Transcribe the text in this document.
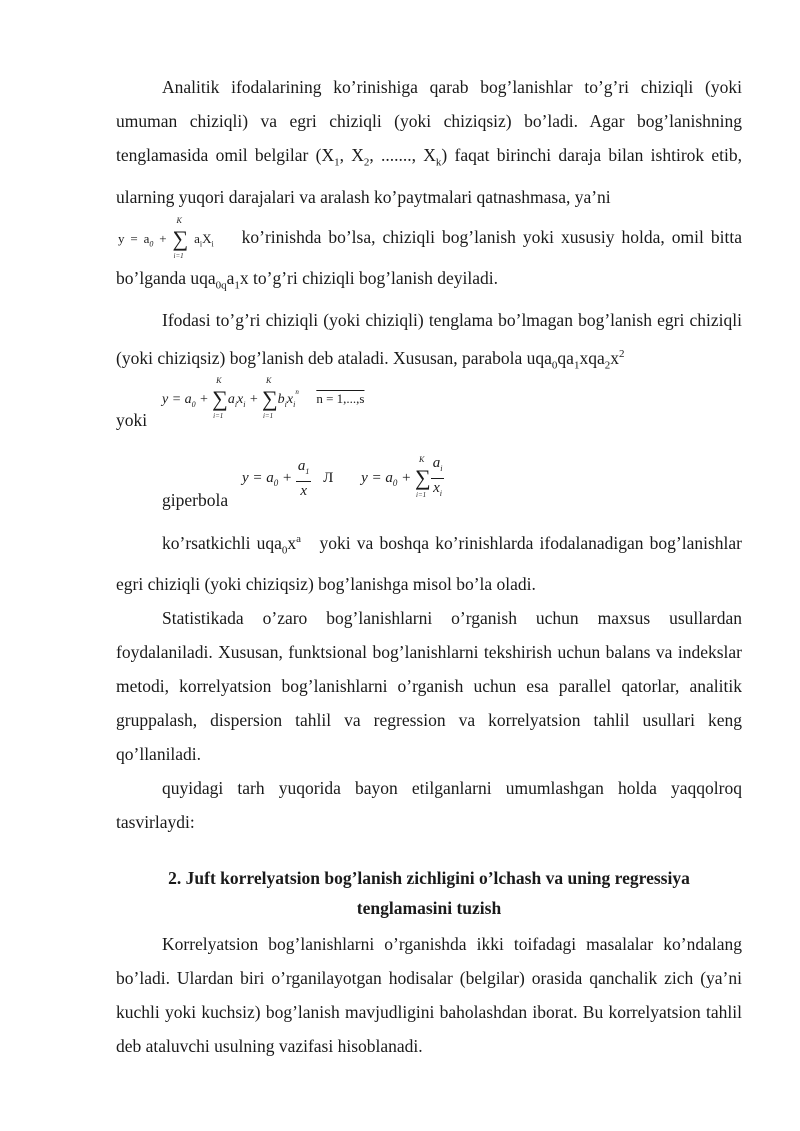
Analitik ifodalarining ko’rinishiga qarab bog’lanishlar to’g’ri chiziqli (yoki umuman chiziqli) va egri chiziqli (yoki chiziqsiz) bo’ladi. Agar bog’lanishning tenglamasida omil belgilar ($X_1$, $X_2$, ......., $X_k$) faqat birinchi daraja bilan ishtirok etib, ularning yuqori darajalari va aralash ko’paytmalari qatnashmasa, ya’ni

$y = a_0$ + ∑
K
i=1
$a_iX_i$ ko’rinishda bo’lsa, chiziqli bog’lanish yoki xususiy holda, omil bitta bo’lganda $uqa_{0q}a_1x$ to’g’ri chiziqli bog’lanish deyiladi.

Ifodasi to’g’ri chiziqli (yoki chiziqli) tenglama bo’lmagan bog’lanish egri chiziqli (yoki chiziqsiz) bog’lanish deb ataladi. Xususan, parabola $uqa_0qa_1xqa_2x^2$

$y = a_0$ + ∑
K
i=1
$a_ix_i$ + ∑
K
i=1
$b_ix_i^n$ n = 1,...,s
yoki
$y = a_0 + \frac{a_1}{x}$ Л $y = a_0$ + ∑
K
$i=1 \frac{a_i}{x_i}$
giperbola

ko’rsatkichli $uqa_0x^a$ yoki va boshqa ko’rinishlarda ifodalanadigan bog’lanishlar egri chiziqli (yoki chiziqsiz) bog’lanishga misol bo’la oladi.

Statistikada o’zaro bog’lanishlarni o’rganish uchun maxsus usullardan foydalaniladi. Xususan, funktsional bog’lanishlarni tekshirish uchun balans va indekslar metodi, korrelyatsion bog’lanishlarni o’rganish uchun esa parallel qatorlar, analitik gruppalash, dispersion tahlil va regression va korrelyatsion tahlil usullari keng qo’llaniladi.

quyidagi tarh yuqorida bayon etilganlarni umumlashgan holda yaqqolroq tasvirlaydi:

2. Juft korrelyatsion bog’lanish zichligini o’lchash va uning regressiya
tenglamasini tuzish

Korrelyatsion bog’lanishlarni o’rganishda ikki toifadagi masalalar ko’ndalang bo’ladi. Ulardan biri o’rganilayotgan hodisalar (belgilar) orasida qanchalik zich (ya’ni kuchli yoki kuchsiz) bog’lanish mavjudligini baholashdan iborat. Bu korrelyatsion tahlil deb ataluvchi usulning vazifasi hisoblanadi.
